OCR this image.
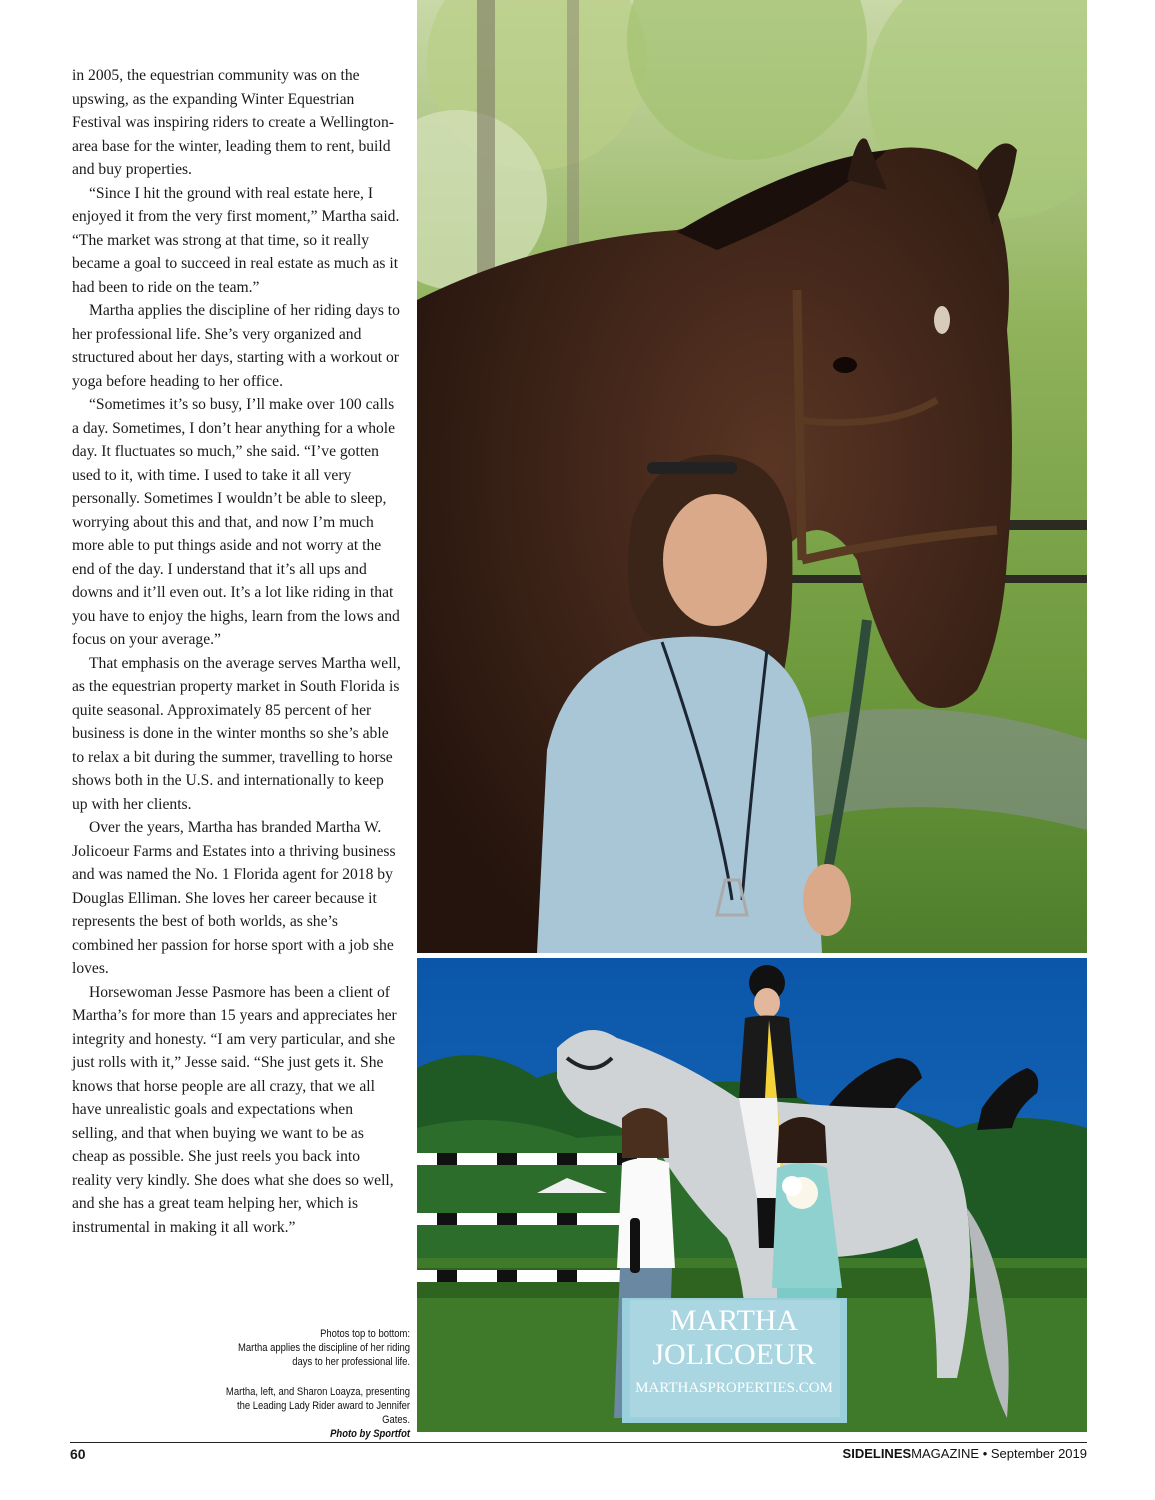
in 2005, the equestrian community was on the upswing, as the expanding Winter Equestrian Festival was inspiring riders to create a Wellington-area base for the winter, leading them to rent, build and buy properties.

“Since I hit the ground with real estate here, I enjoyed it from the very first moment,” Martha said. “The market was strong at that time, so it really became a goal to succeed in real estate as much as it had been to ride on the team.”

Martha applies the discipline of her riding days to her professional life. She’s very organized and structured about her days, starting with a workout or yoga before heading to her office.

“Sometimes it’s so busy, I’ll make over 100 calls a day. Sometimes, I don’t hear anything for a whole day. It fluctuates so much,” she said. “I’ve gotten used to it, with time. I used to take it all very personally. Sometimes I wouldn’t be able to sleep, worrying about this and that, and now I’m much more able to put things aside and not worry at the end of the day. I understand that it’s all ups and downs and it’ll even out. It’s a lot like riding in that you have to enjoy the highs, learn from the lows and focus on your average.”

That emphasis on the average serves Martha well, as the equestrian property market in South Florida is quite seasonal. Approximately 85 percent of her business is done in the winter months so she’s able to relax a bit during the summer, travelling to horse shows both in the U.S. and internationally to keep up with her clients.

Over the years, Martha has branded Martha W. Jolicoeur Farms and Estates into a thriving business and was named the No. 1 Florida agent for 2018 by Douglas Elliman. She loves her career because it represents the best of both worlds, as she’s combined her passion for horse sport with a job she loves.

Horsewoman Jesse Pasmore has been a client of Martha’s for more than 15 years and appreciates her integrity and honesty. “I am very particular, and she just rolls with it,” Jesse said. “She just gets it. She knows that horse people are all crazy, that we all have unrealistic goals and expectations when selling, and that when buying we want to be as cheap as possible. She just reels you back into reality very kindly. She does what she does so well, and she has a great team helping her, which is instrumental in making it all work.”

MARTHA
JOLICOEUR
MARTHASPROPERTIES.COM
Photos top to bottom:
Martha applies the discipline of her riding days to her professional life.
Martha, left, and Sharon Loayza, presenting the Leading Lady Rider award to Jennifer Gates.
Photo by Sportfot
60	SIDELINESMAGAZINE • September 2019
